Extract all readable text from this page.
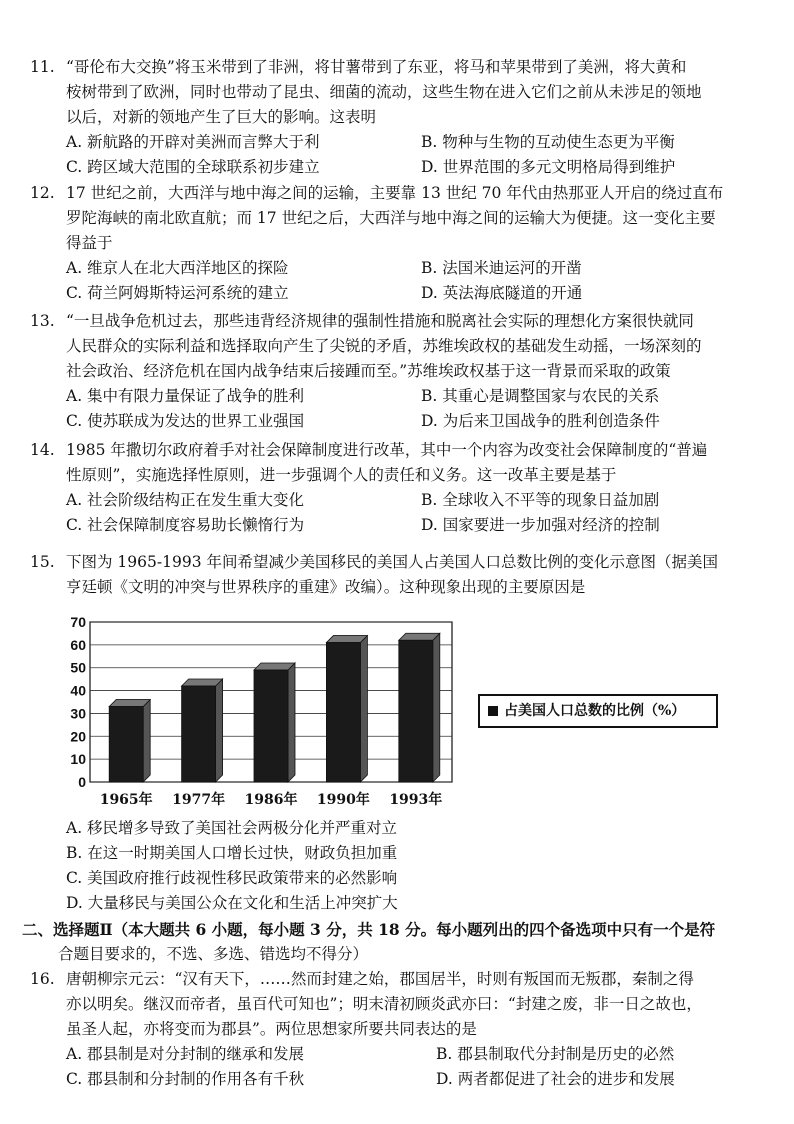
11. “哥伦布大交换”将玉米带到了非洲，将甘薯带到了东亚，将马和苹果带到了美洲，将大黄和
桉树带到了欧洲，同时也带动了昆虫、细菌的流动，这些生物在进入它们之前从未涉足的领地
以后，对新的领地产生了巨大的影响。这表明
A. 新航路的开辟对美洲而言弊大于利	B. 物种与生物的互动使生态更为平衡
C. 跨区域大范围的全球联系初步建立	D. 世界范围的多元文明格局得到维护
12. 17 世纪之前，大西洋与地中海之间的运输，主要靠 13 世纪 70 年代由热那亚人开启的绕过直布
罗陀海峡的南北欧直航；而 17 世纪之后，大西洋与地中海之间的运输大为便捷。这一变化主要
得益于
A. 维京人在北大西洋地区的探险	B. 法国米迪运河的开凿
C. 荷兰阿姆斯特运河系统的建立	D. 英法海底隧道的开通
13. “一旦战争危机过去，那些违背经济规律的强制性措施和脱离社会实际的理想化方案很快就同
人民群众的实际利益和选择取向产生了尖锐的矛盾，苏维埃政权的基础发生动摇，一场深刻的
社会政治、经济危机在国内战争结束后接踵而至。”苏维埃政权基于这一背景而采取的政策
A. 集中有限力量保证了战争的胜利	B. 其重心是调整国家与农民的关系
C. 使苏联成为发达的世界工业强国	D. 为后来卫国战争的胜利创造条件
14. 1985 年撒切尔政府着手对社会保障制度进行改革，其中一个内容为改变社会保障制度的“普遍
性原则”，实施选择性原则，进一步强调个人的责任和义务。这一改革主要是基于
A. 社会阶级结构正在发生重大变化	B. 全球收入不平等的现象日益加剧
C. 社会保障制度容易助长懒惰行为	D. 国家要进一步加强对经济的控制
15. 下图为 1965-1993 年间希望减少美国移民的美国人占美国人口总数比例的变化示意图（据美国
亨廷顿《文明的冲突与世界秩序的重建》改编）。这种现象出现的主要原因是
0
10
20
30
40
50
60
70
1965年 1977年 1986年 1990年 1993年
占美国人口总数的比例（%）
A. 移民增多导致了美国社会两极分化并严重对立
B. 在这一时期美国人口增长过快，财政负担加重
C. 美国政府推行歧视性移民政策带来的必然影响
D. 大量移民与美国公众在文化和生活上冲突扩大
二、选择题Ⅱ（本大题共 6 小题，每小题 3 分，共 18 分。每小题列出的四个备选项中只有一个是符
合题目要求的，不选、多选、错选均不得分）
16. 唐朝柳宗元云：“汉有天下，……然而封建之始，郡国居半，时则有叛国而无叛郡，秦制之得
亦以明矣。继汉而帝者，虽百代可知也”；明末清初顾炎武亦曰：“封建之废，非一日之故也，
虽圣人起，亦将变而为郡县”。两位思想家所要共同表达的是
A. 郡县制是对分封制的继承和发展	B. 郡县制取代分封制是历史的必然
C. 郡县制和分封制的作用各有千秋	D. 两者都促进了社会的进步和发展
